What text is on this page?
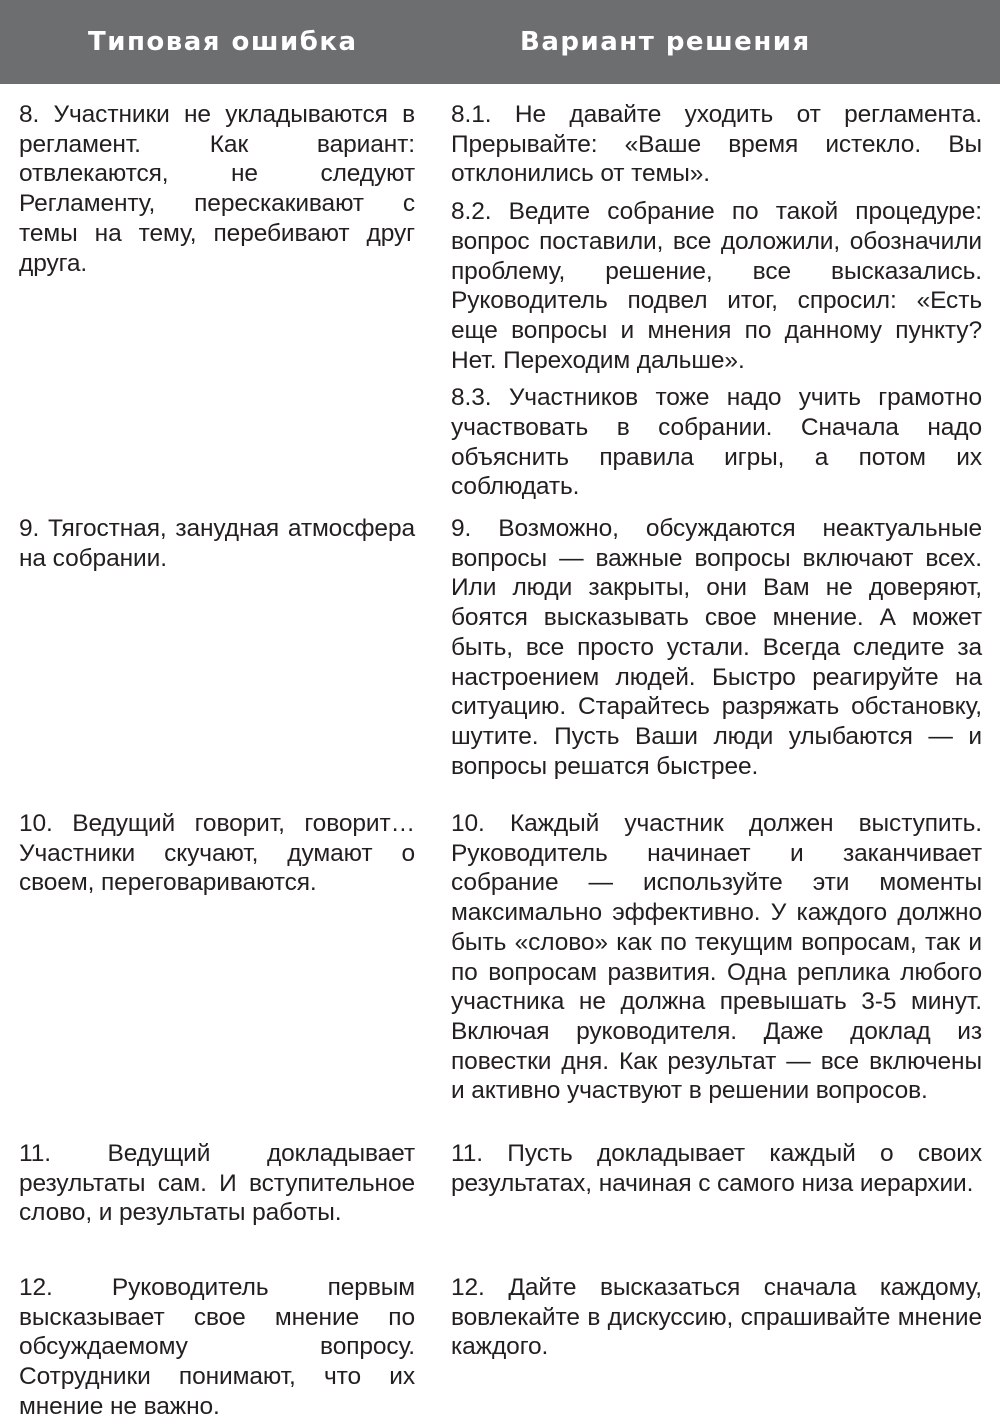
Типовая ошибка	Вариант решения
8. Участники не укладываются в регламент. Как вариант: отвлекаются, не следуют Регламенту, перескакивают с темы на тему, перебивают друг друга.

8.1. Не давайте уходить от регламента. Прерывайте: «Ваше время истекло. Вы отклонились от темы».

8.2. Ведите собрание по такой процедуре: вопрос поставили, все доложили, обозначили проблему, решение, все высказались. Руководитель подвел итог, спросил: «Есть еще вопросы и мнения по данному пункту? Нет. Переходим дальше».

8.3. Участников тоже надо учить грамотно участвовать в собрании. Сначала надо объяснить правила игры, а потом их соблюдать.

9. Тягостная, занудная атмосфера на собрании.

9. Возможно, обсуждаются неактуальные вопросы — важные вопросы включают всех. Или люди закрыты, они Вам не доверяют, боятся высказывать свое мнение. А может быть, все просто устали. Всегда следите за настроением людей. Быстро реагируйте на ситуацию. Старайтесь разряжать обстановку, шутите. Пусть Ваши люди улыбаются — и вопросы решатся быстрее.

10. Ведущий говорит, говорит… Участники скучают, думают о своем, переговариваются.

10. Каждый участник должен выступить. Руководитель начинает и заканчивает собрание — используйте эти моменты максимально эффективно. У каждого должно быть «слово» как по текущим вопросам, так и по вопросам развития. Одна реплика любого участника не должна превышать 3-5 минут. Включая руководителя. Даже доклад из повестки дня. Как результат — все включены и активно участвуют в решении вопросов.

11. Ведущий докладывает результаты сам. И вступительное слово, и результаты работы.

11. Пусть докладывает каждый о своих результатах, начиная с самого низа иерархии.

12. Руководитель первым высказывает свое мнение по обсуждаемому вопросу. Сотрудники понимают, что их мнение не важно.

12. Дайте высказаться сначала каждому, вовлекайте в дискуссию, спрашивайте мнение каждого.
